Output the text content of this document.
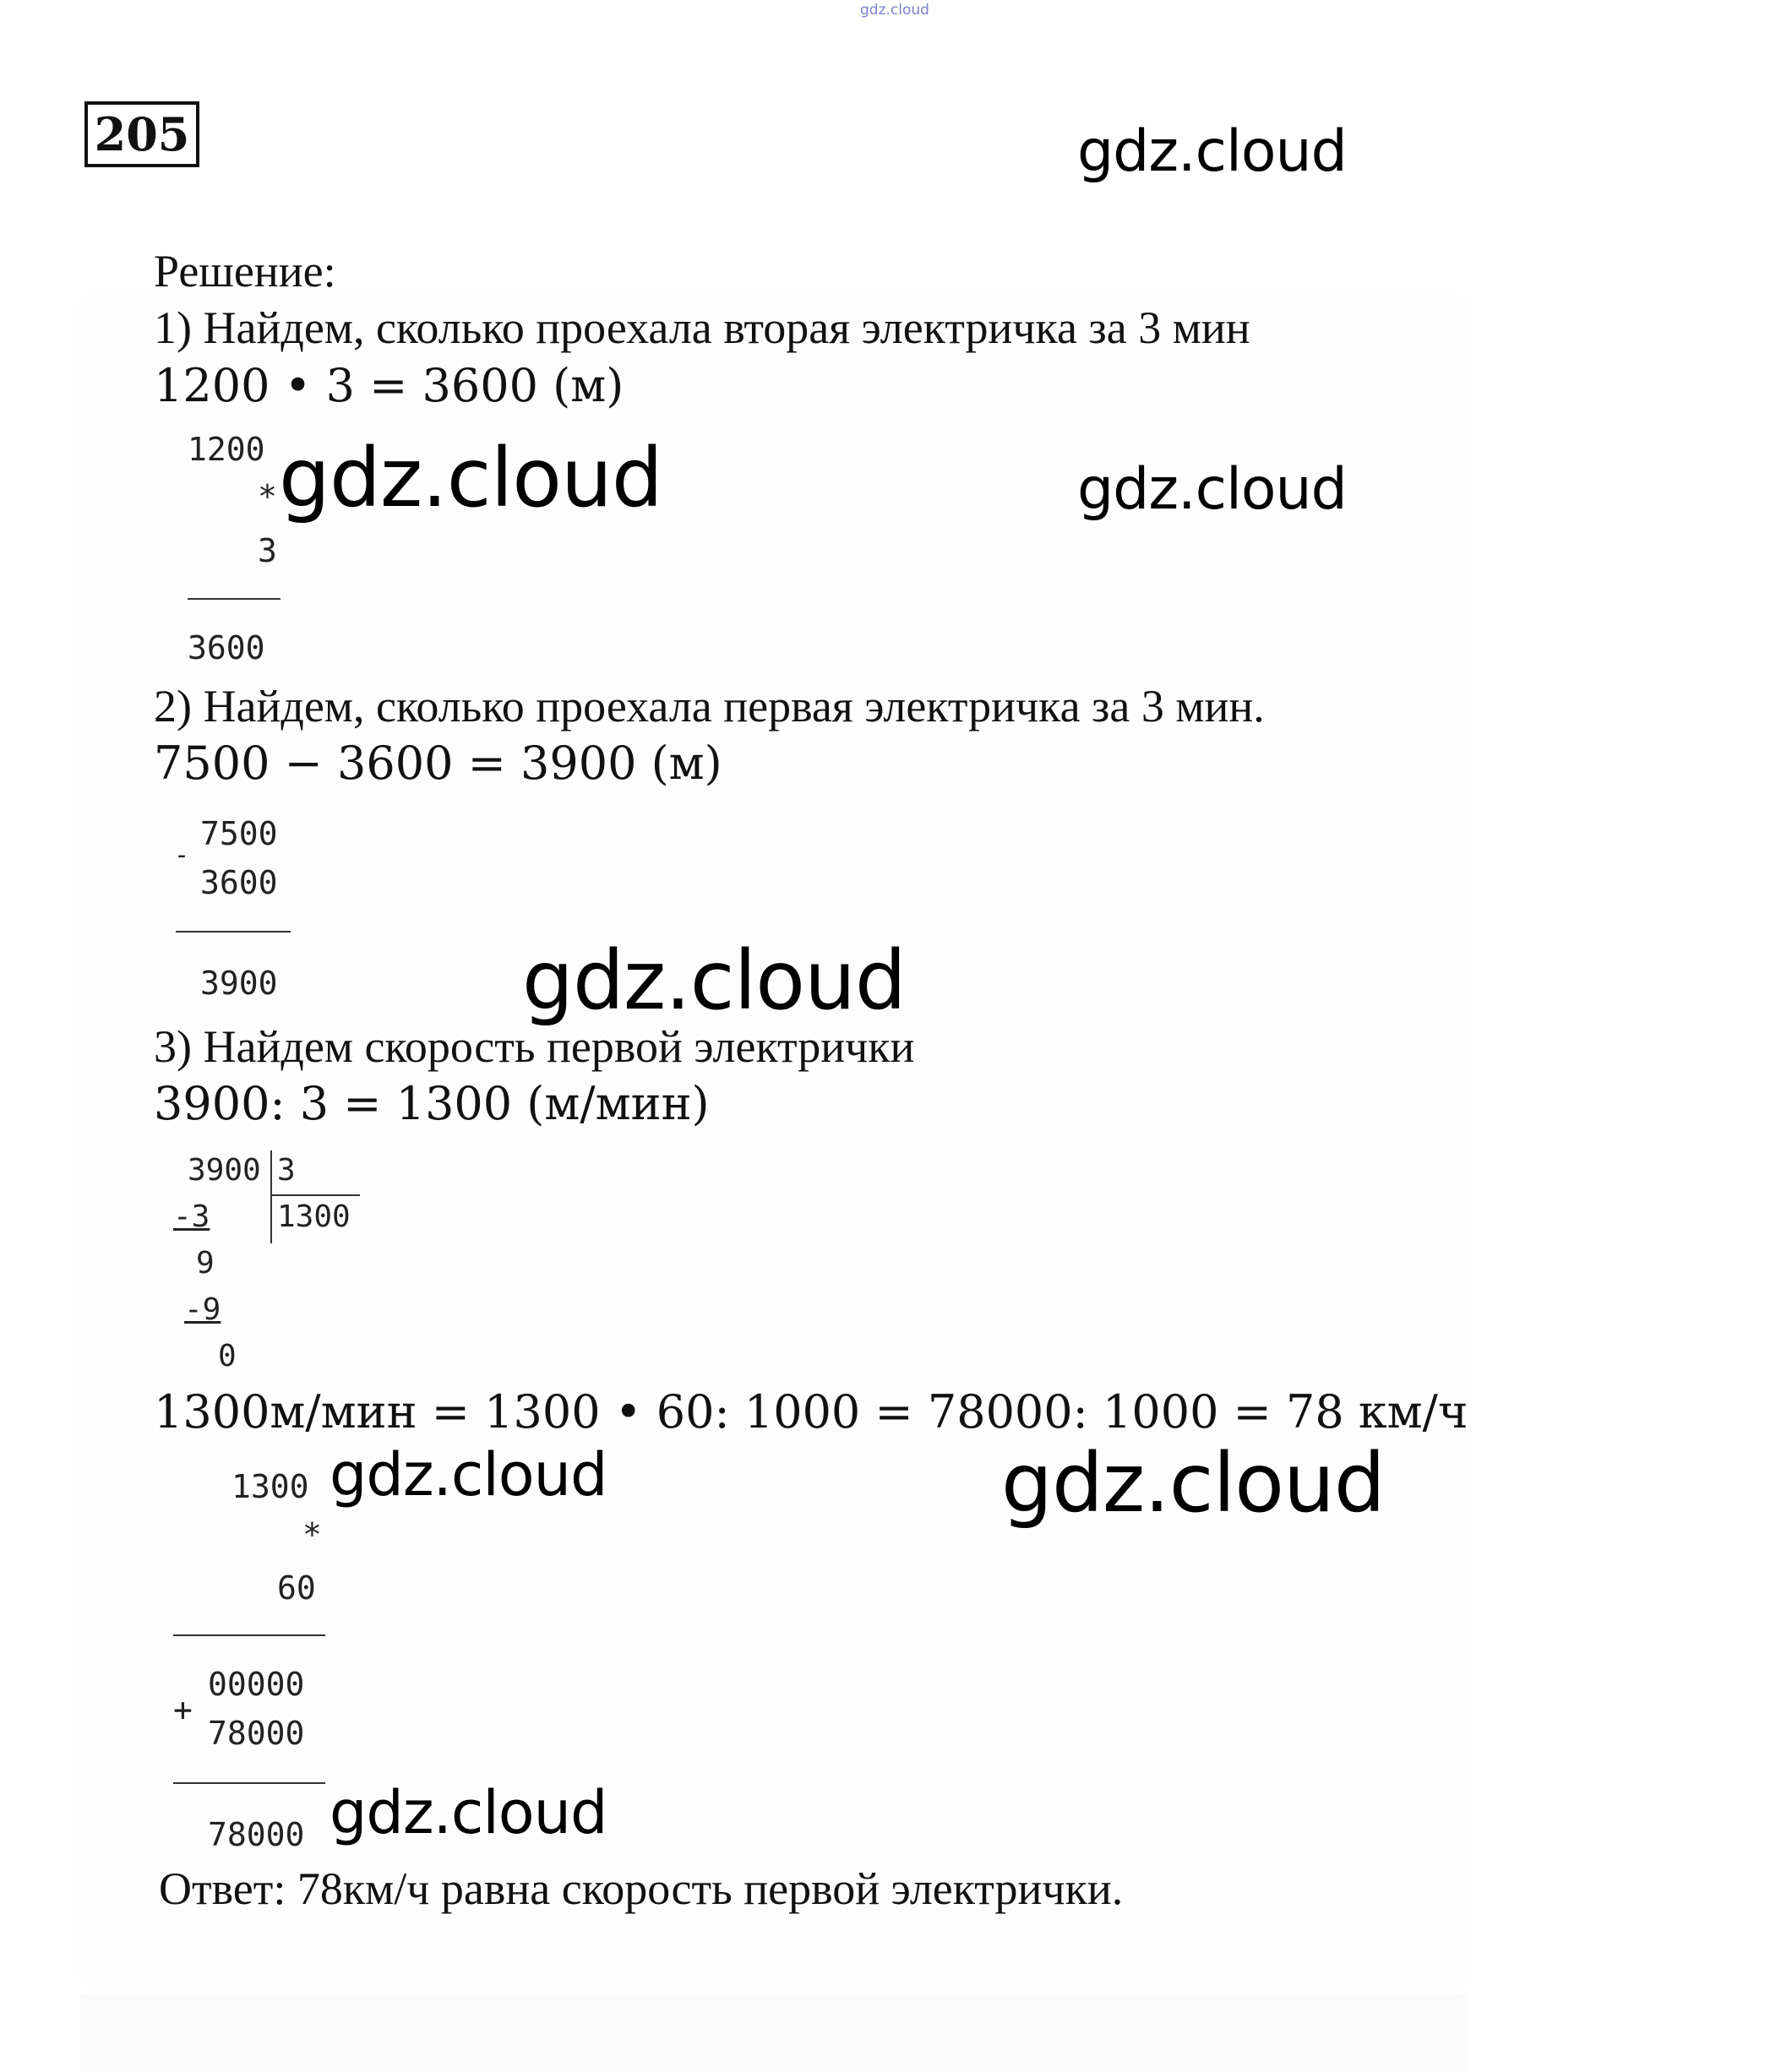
gdz.cloud
205	gdz.cloud
gdz.cloud	gdz.cloud
gdz.cloud
gdz.cloud	gdz.cloud
gdz.cloud
Решение:
1) Найдем, сколько проехала вторая электричка за 3 мин
1200 • 3 = 3600 (м)
1200
*
3
3600
2) Найдем, сколько проехала первая электричка за 3 мин.
7500 − 3600 = 3900 (м)
-
7500
3600
3900
3) Найдем скорость первой электрички
3900: 3 = 1300 (м/мин)
3900 3
1300
-3
9
-9
0
1300м/мин = 1300 • 60: 1000 = 78000: 1000 = 78 км/ч
1300
*
60
00000
+
78000
78000
Ответ: 78км/ч равна скорость первой электрички.
